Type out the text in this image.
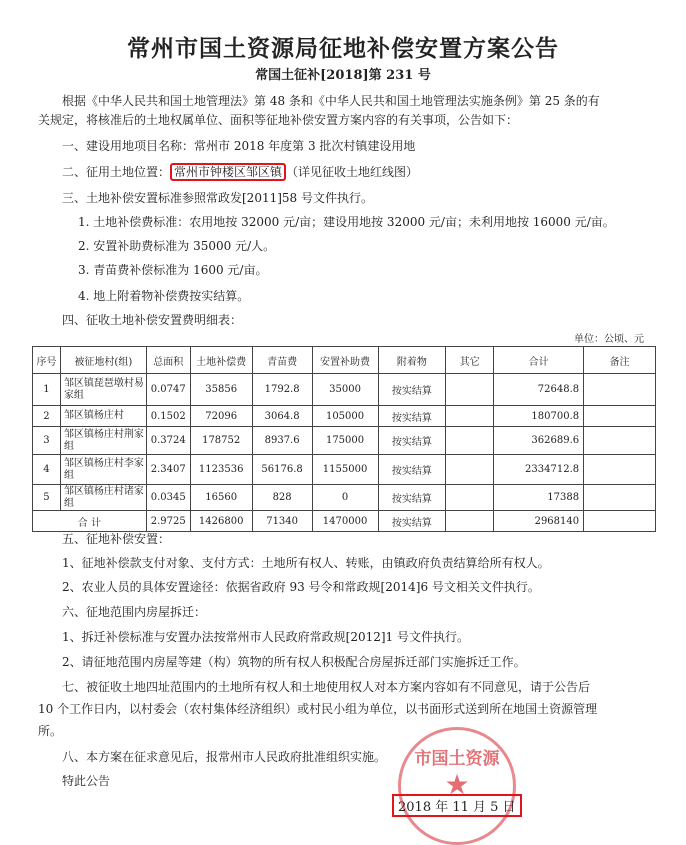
常州市国土资源局征地补偿安置方案公告
常国土征补[2018]第 231 号
根据《中华人民共和国土地管理法》第 48 条和《中华人民共和国土地管理法实施条例》第 25 条的有
关规定，将核准后的土地权属单位、面积等征地补偿安置方案内容的有关事项，公告如下：
一、建设用地项目名称：常州市 2018 年度第 3 批次村镇建设用地
二、征用土地位置： 常州市钟楼区邹区镇 （详见征收土地红线图）
三、土地补偿安置标准参照常政发[2011]58 号文件执行。
1. 土地补偿费标准：农用地按 32000 元/亩；建设用地按 32000 元/亩；未利用地按 16000 元/亩。
2. 安置补助费标准为 35000 元/人。
3. 青苗费补偿标准为 1600 元/亩。
4. 地上附着物补偿费按实结算。
四、征收土地补偿安置费明细表：
单位：公顷、元
序号	被征地村(组)	总面积	土地补偿费	青苗费	安置补助费	附着物	其它	合计	备注
1	邹区镇琵琶墩村易家组	0.0747	35856	1792.8	35000	按实结算		72648.8	
2	邹区镇杨庄村	0.1502	72096	3064.8	105000	按实结算		180700.8	
3	邹区镇杨庄村荆家组	0.3724	178752	8937.6	175000	按实结算		362689.6	
4	邹区镇杨庄村李家组	2.3407	1123536	56176.8	1155000	按实结算		2334712.8	
5	邹区镇杨庄村诸家组	0.0345	16560	828	0	按实结算		17388	
合 计		2.9725	1426800	71340	1470000	按实结算		2968140	
五、征地补偿安置：
1、征地补偿款支付对象、支付方式：土地所有权人、转账，由镇政府负责结算给所有权人。
2、农业人员的具体安置途径：依据省政府 93 号令和常政规[2014]6 号文相关文件执行。
六、征地范围内房屋拆迁：
1、拆迁补偿标准与安置办法按常州市人民政府常政规[2012]1 号文件执行。
2、请征地范围内房屋等建（构）筑物的所有权人积极配合房屋拆迁部门实施拆迁工作。
七、被征收土地四址范围内的土地所有权人和土地使用权人对本方案内容如有不同意见，请于公告后
10 个工作日内，以村委会（农村集体经济组织）或村民小组为单位，以书面形式送到所在地国土资源管理
所。
八、本方案在征求意见后，报常州市人民政府批准组织实施。
特此公告
市国土资源
★
2018 年 11 月 5 日
